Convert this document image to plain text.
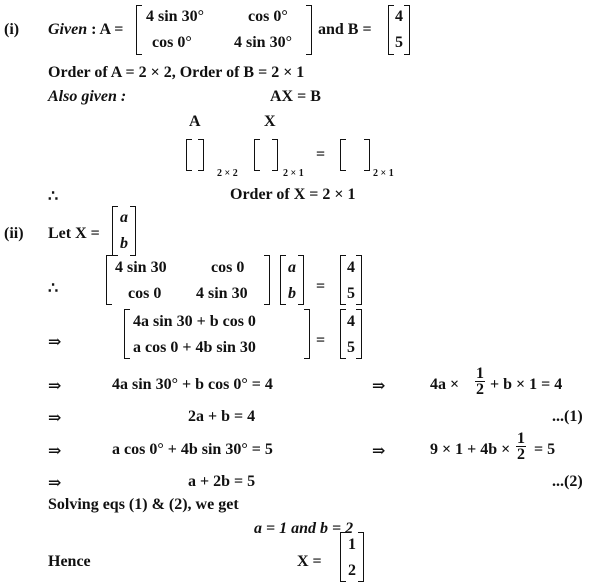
(i) Given : A =
4 sin 30°	cos 0°
cos 0°	4 sin 30°
and B =
4
5
Order of A = 2 × 2, Order of B = 2 × 1
Also given :	AX = B
A	X
2 × 2	2 × 1
=
2 × 1
∴	Order of X = 2 × 1
(ii) Let X =
a
b
∴
4 sin 30	cos 0
cos 0 4 sin 30
a
b =
4
5
⇒
4a sin 30 + b cos 0
a cos 0 + 4b sin 30	=
4
5
⇒	4a sin 30° + b cos 0° = 4	⇒	$4a \times \frac{1}{2} + b \times 1 = 4$
⇒	2a + b = 4	...(1)
⇒	a cos 0° + 4b sin 30° = 5	⇒	$9 \times 1 + 4b \times \frac{1}{2} = 5$
⇒	a + 2b = 5	...(2)
Solving eqs (1) & (2), we get
a = 1 and b = 2
Hence	X =
1
2
